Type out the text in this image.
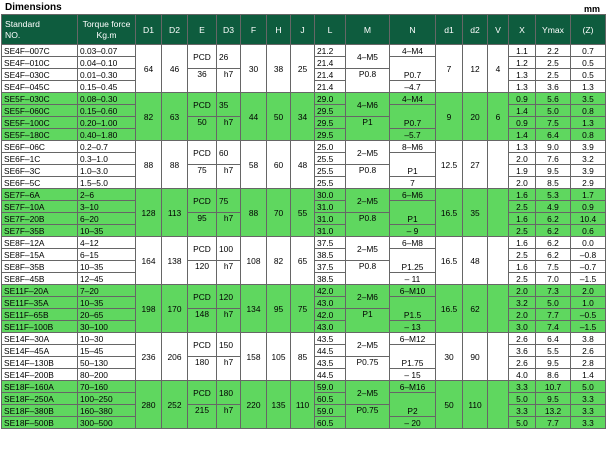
Dimensions	mm
Standard
NO.	Torque force
Kg.m	D1	D2	E	D3	F	H	J	L	M	N	d1	d2	V	X	Ymax	(Z)
SE4F–007C	0.03–0.07	64	46	PCD	26	30	38	25	21.2	4–M5	4–M4	7	12	4	1.1	2.2	0.7
SE4F–010C	0.04–0.10								21.4		P0.7				1.2	2.5	0.5
SE4F–030C	0.01–0.30			36	h7				21.4	P0.8					1.3	2.5	0.5
SE4F–045C	0.15–0.45								21.4		–4.7				1.3	3.6	1.3
SE5F–030C	0.08–0.30	82	63	PCD	35	44	50	34	29.0	4–M6	4–M4	9	20	6	0.9	5.6	3.5
SE5F–060C	0.15–0.60								29.5		P0.7				1.4	5.0	0.8
SE5F–100C	0.20–1.00			50	h7				29.5	P1					0.9	7.5	1.3
SE5F–180C	0.40–1.80								29.5		–5.7				1.4	6.4	0.8
SE6F–06C	0.2–0.7	88	88	PCD	60	58	60	48	25.0	2–M5	8–M6	12.5	27		1.3	9.0	3.9
SE6F–1C	0.3–1.0								25.5		P1				2.0	7.6	3.2
SE6F–3C	1.0–3.0			75	h7				25.5	P0.8					1.9	9.5	3.9
SE6F–5C	1.5–5.0								25.5		7				2.0	8.5	2.9
SE7F–6A	2–6	128	113	PCD	75	88	70	55	30.0	2–M5	6–M6	16.5	35		1.6	5.3	1.7
SE7F–10A	3–10								31.0		P1				2.5	4.9	0.9
SE7F–20B	6–20			95	h7				31.0	P0.8					1.6	6.2	10.4
SE7F–35B	10–35								31.0		– 9				2.5	6.2	0.6
SE8F–12A	4–12	164	138	PCD	100	108	82	65	37.5	2–M5	6–M8	16.5	48		1.6	6.2	0.0
SE8F–15A	6–15								38.5		P1.25				2.5	6.2	–0.8
SE8F–35B	10–35			120	h7				37.5	P0.8					1.6	7.5	–0.7
SE8F–45B	12–45								38.5		– 11				2.5	7.0	–1.5
SE11F–20A	7–20	198	170	PCD	120	134	95	75	42.0	2–M6	6–M10	16.5	62		2.0	7.3	2.0
SE11F–35A	10–35								43.0		P1.5				3.2	5.0	1.0
SE11F–65B	20–65			148	h7				42.0	P1					2.0	7.7	–0.5
SE11F–100B	30–100								43.0		– 13				3.0	7.4	–1.5
SE14F–30A	10–30	236	206	PCD	150	158	105	85	43.5	2–M5	6–M12	30	90		2.6	6.4	3.8
SE14F–45A	15–45								44.5		P1.75				3.6	5.5	2.6
SE14F–130B	50–130			180	h7				43.5	P0.75					2.6	9.5	2.8
SE14F–200B	80–200								44.5		– 15				4.0	8.6	1.4
SE18F–160A	70–160	280	252	PCD	180	220	135	110	59.0	2–M5	6–M16	50	110		3.3	10.7	5.0
SE18F–250A	100–250								60.5		P2				5.0	9.5	3.3
SE18F–380B	160–380			215	h7				59.0	P0.75					3.3	13.2	3.3
SE18F–500B	300–500								60.5		– 20				5.0	7.7	3.3
